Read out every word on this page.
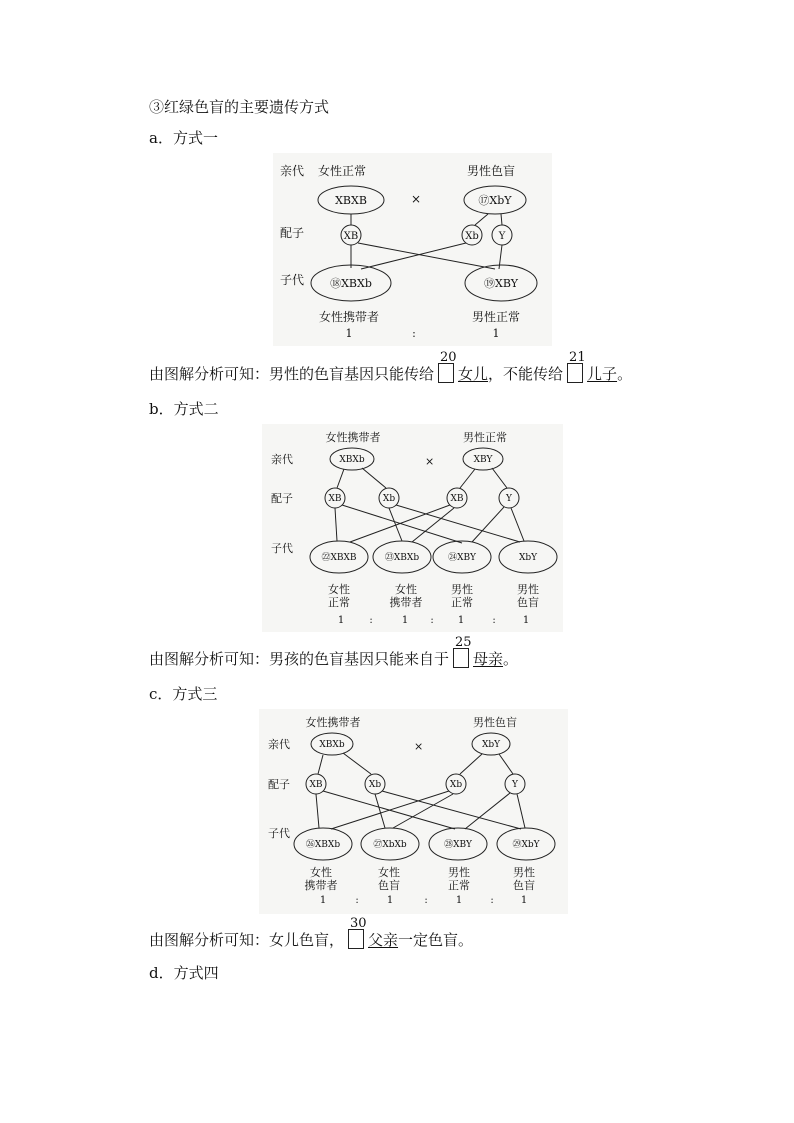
③红绿色盲的主要遗传方式
a．方式一
亲代
配子
子代
女性正常	男性色盲
×
XBXB	⑰XbY
XB	Xb Y
⑱XBXb	⑲XBY
女性携带者	男性正常
1	:	1
由图解分析可知：男性的色盲基因只能传给
20
女儿，不能传给
21
儿子。
b．方式二
亲代
配子
子代
女性携带者	男性正常
×
XBXb	XBY
XB	Xb	XB	Y
㉒XBXB	㉓XBXb	㉔XBY	XbY
女性
正常
女性
携带者
男性
正常
男性
色盲
1	:	1 : 1	:	1
由图解分析可知：男孩的色盲基因只能来自于
25
母亲。
c．方式三
亲代
配子
子代
女性携带者	男性色盲
×
XBXb	XbY
XB	Xb	Xb	Y
㉖XBXb	㉗XbXb	㉘XBY	㉙XbY
女性
携带者
女性
色盲
男性
正常
男性
色盲
1	:	1	:	1	:	1
由图解分析可知：女儿色盲，
30
父亲一定色盲。
d．方式四
